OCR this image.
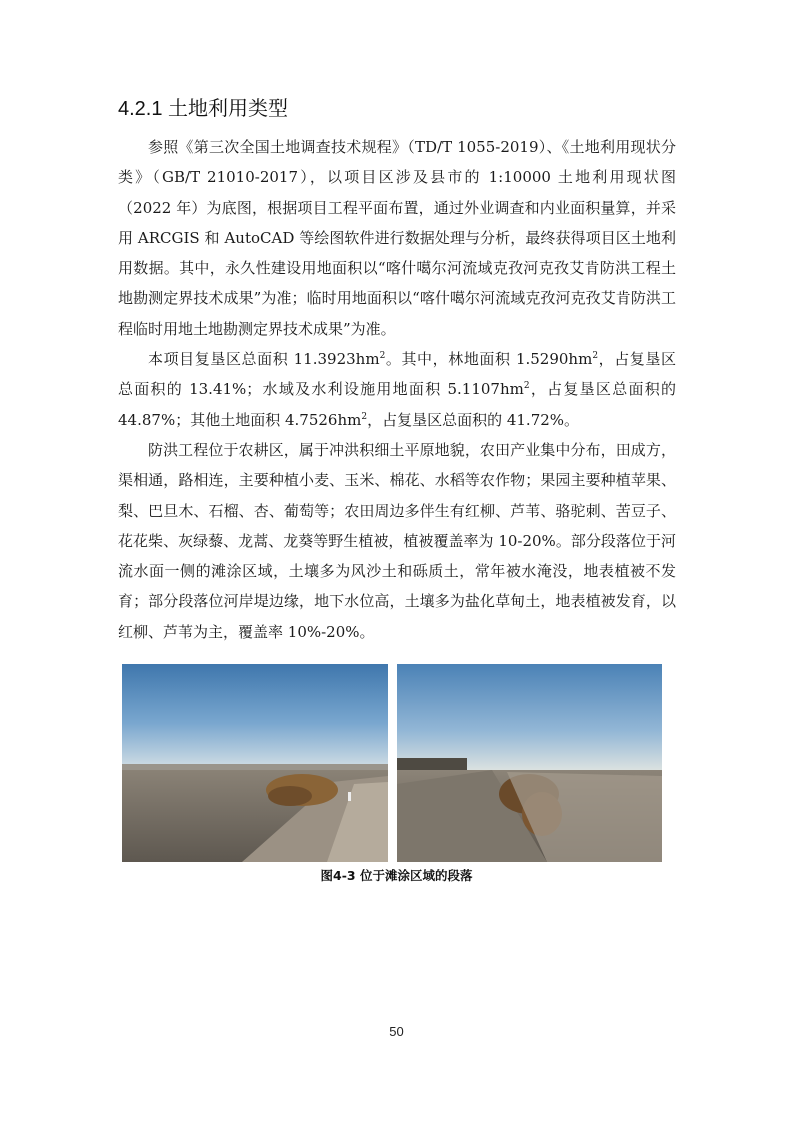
4.2.1 土地利用类型

参照《第三次全国土地调查技术规程》（TD/T 1055-2019）、《土地利用现状分类》（GB/T 21010-2017），以项目区涉及县市的 1:10000 土地利用现状图（2022 年）为底图，根据项目工程平面布置，通过外业调查和内业面积量算，并采用 ARCGIS 和 AutoCAD 等绘图软件进行数据处理与分析，最终获得项目区土地利用数据。其中，永久性建设用地面积以“喀什噶尔河流域克孜河克孜艾肯防洪工程土地勘测定界技术成果”为准；临时用地面积以“喀什噶尔河流域克孜河克孜艾肯防洪工程临时用地土地勘测定界技术成果”为准。

本项目复垦区总面积 $11.3923hm^2$。其中，林地面积 $1.5290hm^2$，占复垦区总面积的 13.41%；水域及水利设施用地面积 $5.1107hm^2$，占复垦区总面积的 44.87%；其他土地面积 $4.7526hm^2$，占复垦区总面积的 41.72%。

防洪工程位于农耕区，属于冲洪积细土平原地貌，农田产业集中分布，田成方，渠相通，路相连，主要种植小麦、玉米、棉花、水稻等农作物；果园主要种植苹果、梨、巴旦木、石榴、杏、葡萄等；农田周边多伴生有红柳、芦苇、骆驼刺、苦豆子、花花柴、灰绿藜、龙蒿、龙葵等野生植被，植被覆盖率为 10-20%。部分段落位于河流水面一侧的滩涂区域，土壤多为风沙土和砾质土，常年被水淹没，地表植被不发育；部分段落位河岸堤边缘，地下水位高，土壤多为盐化草甸土，地表植被发育，以红柳、芦苇为主，覆盖率 10%-20%。

图4-3 位于滩涂区域的段落
50
